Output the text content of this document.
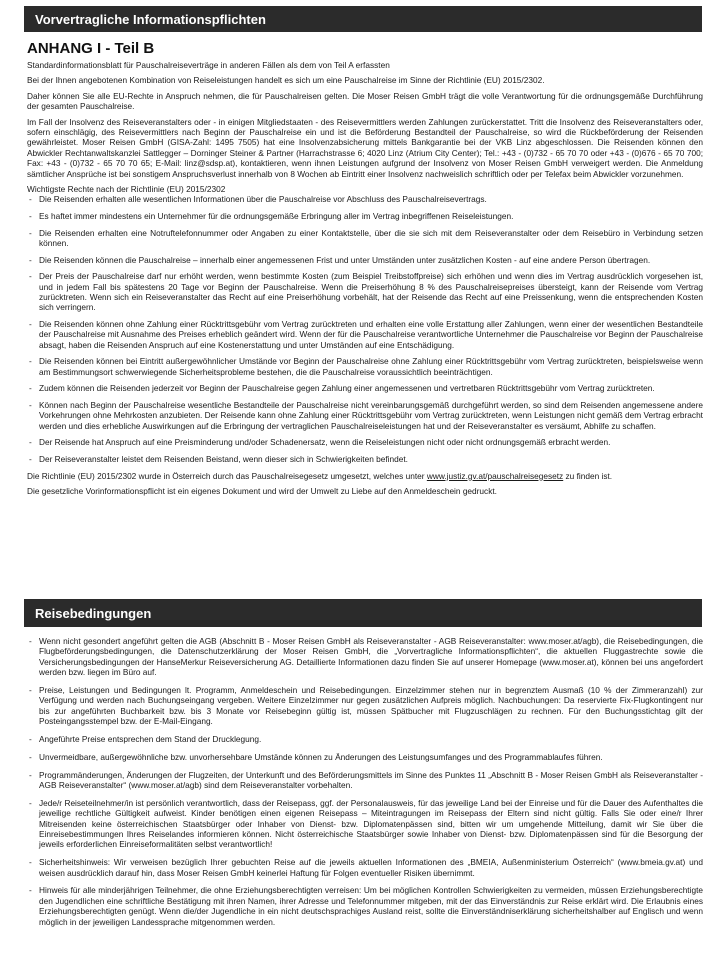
Vorvertragliche Informationspflichten
ANHANG I - Teil B

Standardinformationsblatt für Pauschalreiseverträge in anderen Fällen als dem von Teil A erfassten

Bei der Ihnen angebotenen Kombination von Reiseleistungen handelt es sich um eine Pauschalreise im Sinne der Richtlinie (EU) 2015/2302.

Daher können Sie alle EU-Rechte in Anspruch nehmen, die für Pauschalreisen gelten. Die Moser Reisen GmbH trägt die volle Verantwortung für die ordnungsgemäße Durchführung der gesamten Pauschalreise.

Im Fall der Insolvenz des Reiseveranstalters oder - in einigen Mitgliedstaaten - des Reisevermittlers werden Zahlungen zurückerstattet. Tritt die Insolvenz des Reiseveranstalters oder, sofern einschlägig, des Reisevermittlers nach Beginn der Pauschalreise ein und ist die Beförderung Bestandteil der Pauschalreise, so wird die Rückbeförderung der Reisenden gewährleistet. Moser Reisen GmbH (GISA-Zahl: 1495 7505) hat eine Insolvenzabsicherung mittels Bankgarantie bei der VKB Linz abgeschlossen. Die Reisenden können den Abwickler Rechtanwaltskanzlei Sattlegger – Dorninger Steiner & Partner (Harrachstrasse 6; 4020 Linz (Atrium City Center); Tel.: +43 - (0)732 - 65 70 70 oder +43 - (0)676 - 65 70 700; Fax: +43 - (0)732 - 65 70 70 65; E-Mail: linz@sdsp.at), kontaktieren, wenn ihnen Leistungen aufgrund der Insolvenz von Moser Reisen GmbH verweigert werden. Die Anmeldung sämtlicher Ansprüche ist bei sonstigem Anspruchsverlust innerhalb von 8 Wochen ab Eintritt einer Insolvenz nachweislich schriftlich oder per Telefax beim Abwickler vorzunehmen.

Wichtigste Rechte nach der Richtlinie (EU) 2015/2302

- Die Reisenden erhalten alle wesentlichen Informationen über die Pauschalreise vor Abschluss des Pauschalreisevertrags.
- Es haftet immer mindestens ein Unternehmer für die ordnungsgemäße Erbringung aller im Vertrag inbegriffenen Reiseleistungen.
- Die Reisenden erhalten eine Notruftelefonnummer oder Angaben zu einer Kontaktstelle, über die sie sich mit dem Reiseveranstalter oder dem Reisebüro in Verbindung setzen können.
- Die Reisenden können die Pauschalreise – innerhalb einer angemessenen Frist und unter Umständen unter zusätzlichen Kosten - auf eine andere Person übertragen.
- Der Preis der Pauschalreise darf nur erhöht werden, wenn bestimmte Kosten (zum Beispiel Treibstoffpreise) sich erhöhen und wenn dies im Vertrag ausdrücklich vorgesehen ist, und in jedem Fall bis spätestens 20 Tage vor Beginn der Pauschalreise. Wenn die Preiserhöhung 8 % des Pauschalreisepreises übersteigt, kann der Reisende vom Vertrag zurücktreten. Wenn sich ein Reiseveranstalter das Recht auf eine Preiserhöhung vorbehält, hat der Reisende das Recht auf eine Preissenkung, wenn die entsprechenden Kosten sich verringern.
- Die Reisenden können ohne Zahlung einer Rücktrittsgebühr vom Vertrag zurücktreten und erhalten eine volle Erstattung aller Zahlungen, wenn einer der wesentlichen Bestandteile der Pauschalreise mit Ausnahme des Preises erheblich geändert wird. Wenn der für die Pauschalreise verantwortliche Unternehmer die Pauschalreise vor Beginn der Pauschalreise absagt, haben die Reisenden Anspruch auf eine Kostenerstattung und unter Umständen auf eine Entschädigung.
- Die Reisenden können bei Eintritt außergewöhnlicher Umstände vor Beginn der Pauschalreise ohne Zahlung einer Rücktrittsgebühr vom Vertrag zurücktreten, beispielsweise wenn am Bestimmungsort schwerwiegende Sicherheitsprobleme bestehen, die die Pauschalreise voraussichtlich beeinträchtigen.
- Zudem können die Reisenden jederzeit vor Beginn der Pauschalreise gegen Zahlung einer angemessenen und vertretbaren Rücktrittsgebühr vom Vertrag zurücktreten.
- Können nach Beginn der Pauschalreise wesentliche Bestandteile der Pauschalreise nicht vereinbarungsgemäß durchgeführt werden, so sind dem Reisenden angemessene andere Vorkehrungen ohne Mehrkosten anzubieten. Der Reisende kann ohne Zahlung einer Rücktrittsgebühr vom Vertrag zurücktreten, wenn Leistungen nicht gemäß dem Vertrag erbracht werden und dies erhebliche Auswirkungen auf die Erbringung der vertraglichen Pauschalreiseleistungen hat und der Reiseveranstalter es versäumt, Abhilfe zu schaffen.
- Der Reisende hat Anspruch auf eine Preisminderung und/oder Schadenersatz, wenn die Reiseleistungen nicht oder nicht ordnungsgemäß erbracht werden.
- Der Reiseveranstalter leistet dem Reisenden Beistand, wenn dieser sich in Schwierigkeiten befindet.

Die Richtlinie (EU) 2015/2302 wurde in Österreich durch das Pauschalreisegesetz umgesetzt, welches unter www.justiz.gv.at/pauschalreisegesetz zu finden ist.

Die gesetzliche Vorinformationspflicht ist ein eigenes Dokument und wird der Umwelt zu Liebe auf den Anmeldeschein gedruckt.

Reisebedingungen
- Wenn nicht gesondert angeführt gelten die AGB (Abschnitt B - Moser Reisen GmbH als Reiseveranstalter - AGB Reiseveranstalter: www.moser.at/agb), die Reisebedingungen, die Flugbeförderungsbedingungen, die Datenschutzerklärung der Moser Reisen GmbH, die „Vorvertragliche Informationspflichten“, die aktuellen Fluggastrechte sowie die Versicherungsbedingungen der HanseMerkur Reiseversicherung AG. Detaillierte Informationen dazu finden Sie auf unserer Homepage (www.moser.at), können bei uns angefordert werden bzw. liegen im Büro auf.
- Preise, Leistungen und Bedingungen lt. Programm, Anmeldeschein und Reisebedingungen. Einzelzimmer stehen nur in begrenztem Ausmaß (10 % der Zimmeranzahl) zur Verfügung und werden nach Buchungseingang vergeben. Weitere Einzelzimmer nur gegen zusätzlichen Aufpreis möglich. Nachbuchungen: Da reservierte Fix-Flugkontingent nur bis zur angeführten Buchbarkeit bzw. bis 3 Monate vor Reisebeginn gültig ist, müssen Spätbucher mit Flugzuschlägen zu rechnen. Für den Buchungsstichtag gilt der Posteingangsstempel bzw. der E-Mail-Eingang.
- Angeführte Preise entsprechen dem Stand der Drucklegung.
- Unvermeidbare, außergewöhnliche bzw. unvorhersehbare Umstände können zu Änderungen des Leistungsumfanges und des Programmablaufes führen.
- Programmänderungen, Änderungen der Flugzeiten, der Unterkunft und des Beförderungsmittels im Sinne des Punktes 11 „Abschnitt B - Moser Reisen GmbH als Reiseveranstalter - AGB Reiseveranstalter“ (www.moser.at/agb) sind dem Reiseveranstalter vorbehalten.
- Jede/r Reiseteilnehmer/in ist persönlich verantwortlich, dass der Reisepass, ggf. der Personalausweis, für das jeweilige Land bei der Einreise und für die Dauer des Aufenthaltes die jeweilige rechtliche Gültigkeit aufweist. Kinder benötigen einen eigenen Reisepass – Miteintragungen im Reisepass der Eltern sind nicht gültig. Falls Sie oder eine/r Ihrer Mitreisenden keine österreichischen Staatsbürger oder Inhaber von Dienst- bzw. Diplomatenpässen sind, bitten wir um umgehende Mitteilung, damit wir Sie über die Einreisebestimmungen Ihres Reiselandes informieren können. Nicht österreichische Staatsbürger sowie Inhaber von Dienst- bzw. Diplomatenpässen sind für die Besorgung der jeweils erforderlichen Einreiseformalitäten selbst verantwortlich!
- Sicherheitshinweis: Wir verweisen bezüglich Ihrer gebuchten Reise auf die jeweils aktuellen Informationen des „BMEIA, Außenministerium Österreich“ (www.bmeia.gv.at) und weisen ausdrücklich darauf hin, dass Moser Reisen GmbH keinerlei Haftung für Folgen eventueller Risiken übernimmt.
- Hinweis für alle minderjährigen Teilnehmer, die ohne Erziehungsberechtigten verreisen: Um bei möglichen Kontrollen Schwierigkeiten zu vermeiden, müssen Erziehungsberechtigte den Jugendlichen eine schriftliche Bestätigung mit ihren Namen, ihrer Adresse und Telefonnummer mitgeben, mit der das Einverständnis zur Reise erklärt wird. Die Erlaubnis eines Erziehungsberechtigten genügt. Wenn die/der Jugendliche in ein nicht deutschsprachiges Ausland reist, sollte die Einverständniserklärung sicherheitshalber auf Englisch und wenn möglich in der jeweiligen Landessprache mitgenommen werden.
